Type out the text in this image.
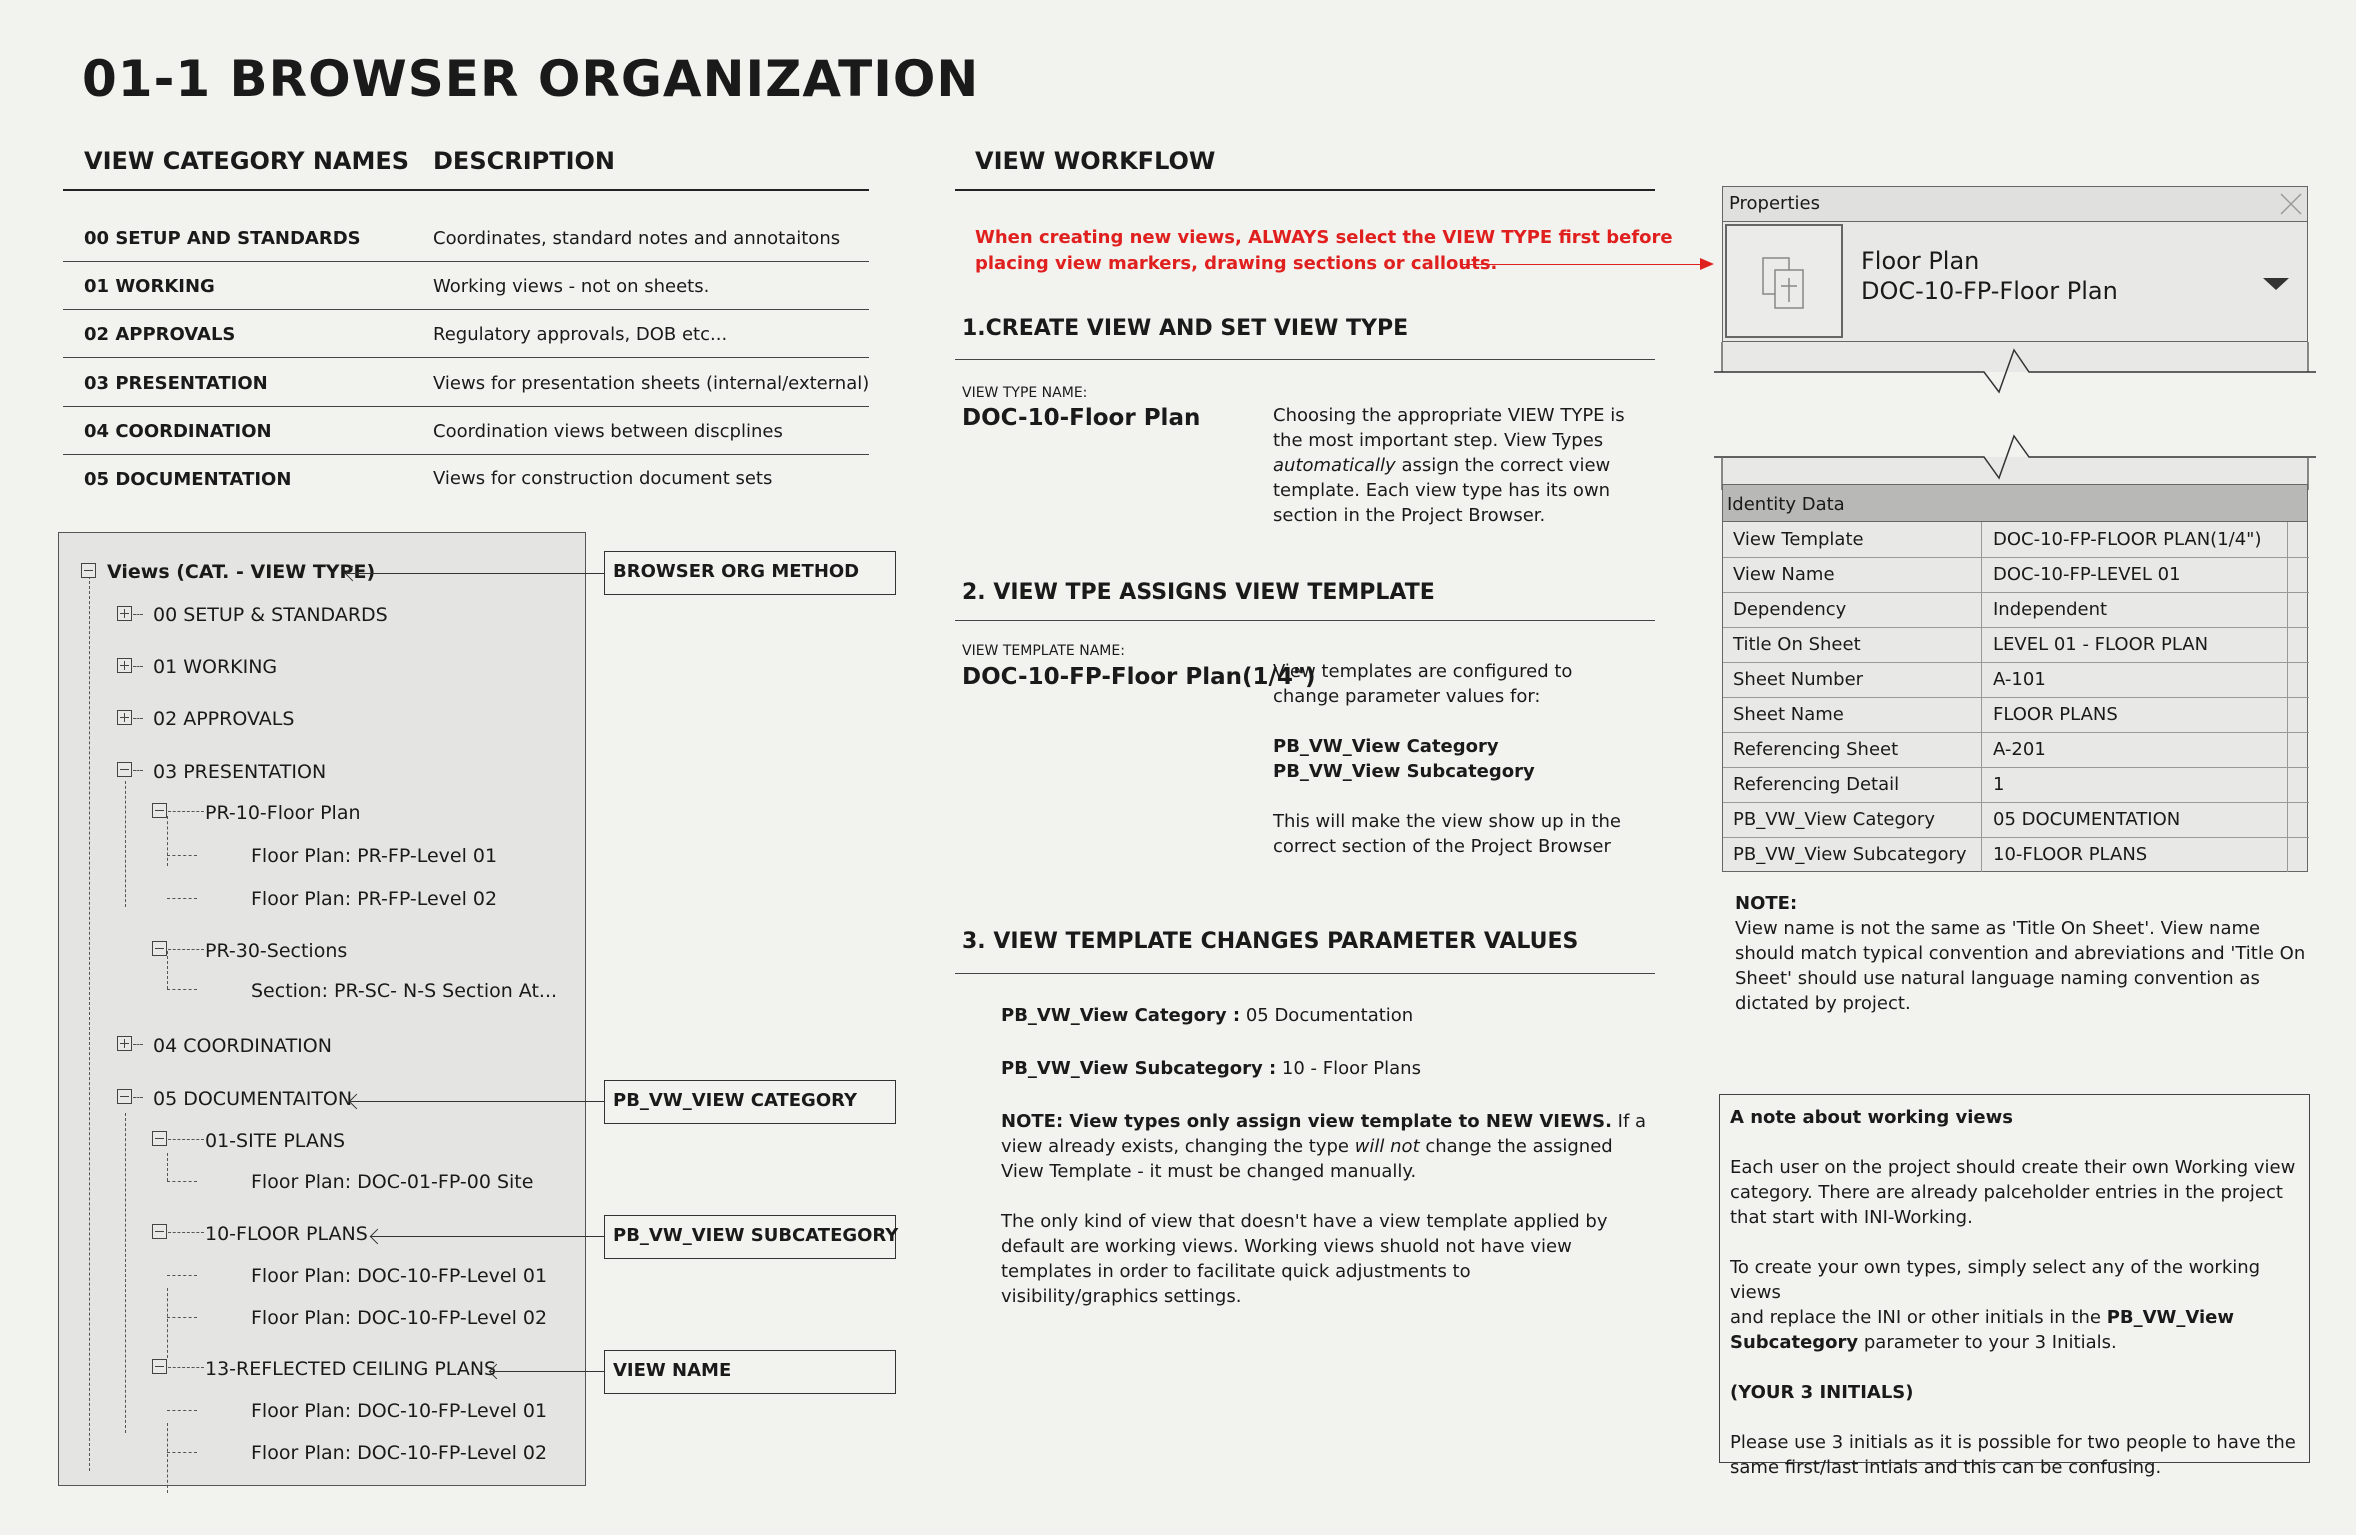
01-1 BROWSER ORGANIZATION
VIEW CATEGORY NAMES DESCRIPTION
00 SETUP AND STANDARDS	Coordinates, standard notes and annotaitons
01 WORKING	Working views - not on sheets.
02 APPROVALS	Regulatory approvals, DOB etc...
03 PRESENTATION	Views for presentation sheets (internal/external)
04 COORDINATION	Coordination views between discplines
05 DOCUMENTATION	Views for construction document sets
Views (CAT. - VIEW TYPE)
00 SETUP & STANDARDS
01 WORKING
02 APPROVALS
03 PRESENTATION
PR-10-Floor Plan
Floor Plan: PR-FP-Level 01
Floor Plan: PR-FP-Level 02
PR-30-Sections
Section: PR-SC- N-S Section At...
04 COORDINATION
05 DOCUMENTAITON
01-SITE PLANS
Floor Plan: DOC-01-FP-00 Site
10-FLOOR PLANS
Floor Plan: DOC-10-FP-Level 01
Floor Plan: DOC-10-FP-Level 02
13-REFLECTED CEILING PLANS
Floor Plan: DOC-10-FP-Level 01
Floor Plan: DOC-10-FP-Level 02
BROWSER ORG METHOD
PB_VW_VIEW CATEGORY
PB_VW_VIEW SUBCATEGORY
VIEW NAME
VIEW WORKFLOW
When creating new views, ALWAYS select the VIEW TYPE first before
placing view markers, drawing sections or callouts.
1.CREATE VIEW AND SET VIEW TYPE
VIEW TYPE NAME:
DOC-10-Floor Plan	Choosing the appropriate VIEW TYPE is
the most important step. View Types
automatically assign the correct view
template. Each view type has its own
section in the Project Browser.
2. VIEW TPE ASSIGNS VIEW TEMPLATE
VIEW TEMPLATE NAME:
DOC-10-FP-Floor Plan(1/4")
View templates are configured to
change parameter values for:
PB_VW_View Category
PB_VW_View Subcategory
This will make the view show up in the
correct section of the Project Browser
3. VIEW TEMPLATE CHANGES PARAMETER VALUES
PB_VW_View Category : 05 Documentation
PB_VW_View Subcategory : 10 - Floor Plans
NOTE: View types only assign view template to NEW VIEWS. If a
view already exists, changing the type will not change the assigned
View Template - it must be changed manually.
The only kind of view that doesn't have a view template applied by
default are working views. Working views shuold not have view
templates in order to facilitate quick adjustments to
visibility/graphics settings.
Properties
Floor Plan
DOC-10-FP-Floor Plan
Identity Data
View Template	DOC-10-FP-FLOOR PLAN(1/4")
View Name	DOC-10-FP-LEVEL 01
Dependency	Independent
Title On Sheet	LEVEL 01 - FLOOR PLAN
Sheet Number	A-101
Sheet Name	FLOOR PLANS
Referencing Sheet	A-201
Referencing Detail	1
PB_VW_View Category	05 DOCUMENTATION
PB_VW_View Subcategory 10-FLOOR PLANS
NOTE:
View name is not the same as 'Title On Sheet'. View name
should match typical convention and abreviations and 'Title On
Sheet' should use natural language naming convention as
dictated by project.
A note about working views
Each user on the project should create their own Working view
category. There are already palceholder entries in the project
that start with INI-Working.
To create your own types, simply select any of the working views
and replace the INI or other initials in the PB_VW_View
Subcategory parameter to your 3 Initials.
(YOUR 3 INITIALS)
Please use 3 initials as it is possible for two people to have the
same first/last intials and this can be confusing.
